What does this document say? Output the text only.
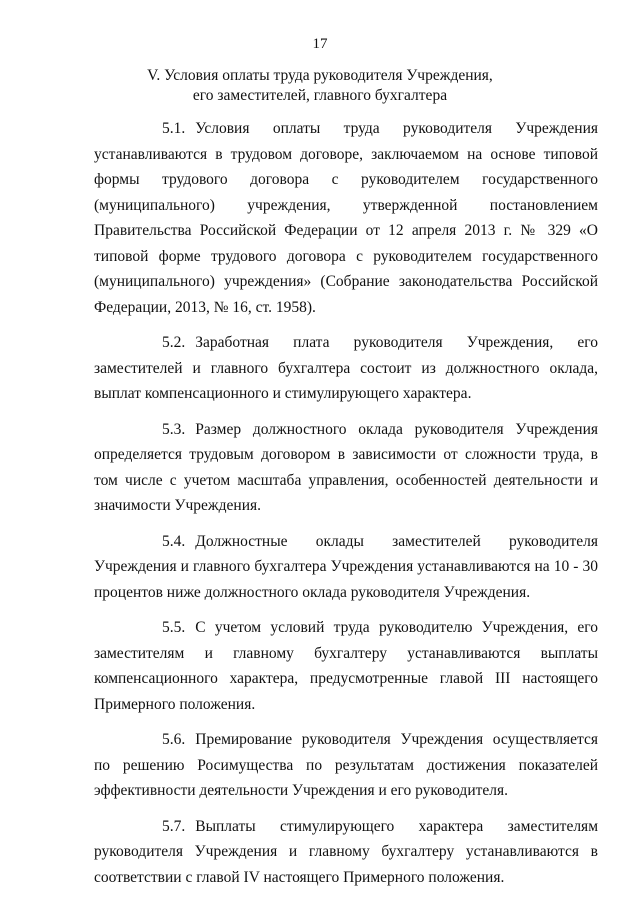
17
V. Условия оплаты труда руководителя Учреждения,
его заместителей, главного бухгалтера

5.1. Условия оплаты труда руководителя Учреждения устанавливаются в трудовом договоре, заключаемом на основе типовой формы трудового договора с руководителем государственного (муниципального) учреждения, утвержденной постановлением Правительства Российской Федерации от 12 апреля 2013 г. № 329 «О типовой форме трудового договора с руководителем государственного (муниципального) учреждения» (Собрание законодательства Российской Федерации, 2013, № 16, ст. 1958).

5.2. Заработная плата руководителя Учреждения, его заместителей и главного бухгалтера состоит из должностного оклада, выплат компенсационного и стимулирующего характера.

5.3. Размер должностного оклада руководителя Учреждения определяется трудовым договором в зависимости от сложности труда, в том числе с учетом масштаба управления, особенностей деятельности и значимости Учреждения.

5.4. Должностные оклады заместителей руководителя Учреждения и главного бухгалтера Учреждения устанавливаются на 10 - 30 процентов ниже должностного оклада руководителя Учреждения.

5.5. С учетом условий труда руководителю Учреждения, его заместителям и главному бухгалтеру устанавливаются выплаты компенсационного характера, предусмотренные главой III настоящего Примерного положения.

5.6. Премирование руководителя Учреждения осуществляется по решению Росимущества по результатам достижения показателей эффективности деятельности Учреждения и его руководителя.

5.7. Выплаты стимулирующего характера заместителям руководителя Учреждения и главному бухгалтеру устанавливаются в соответствии с главой IV настоящего Примерного положения.
